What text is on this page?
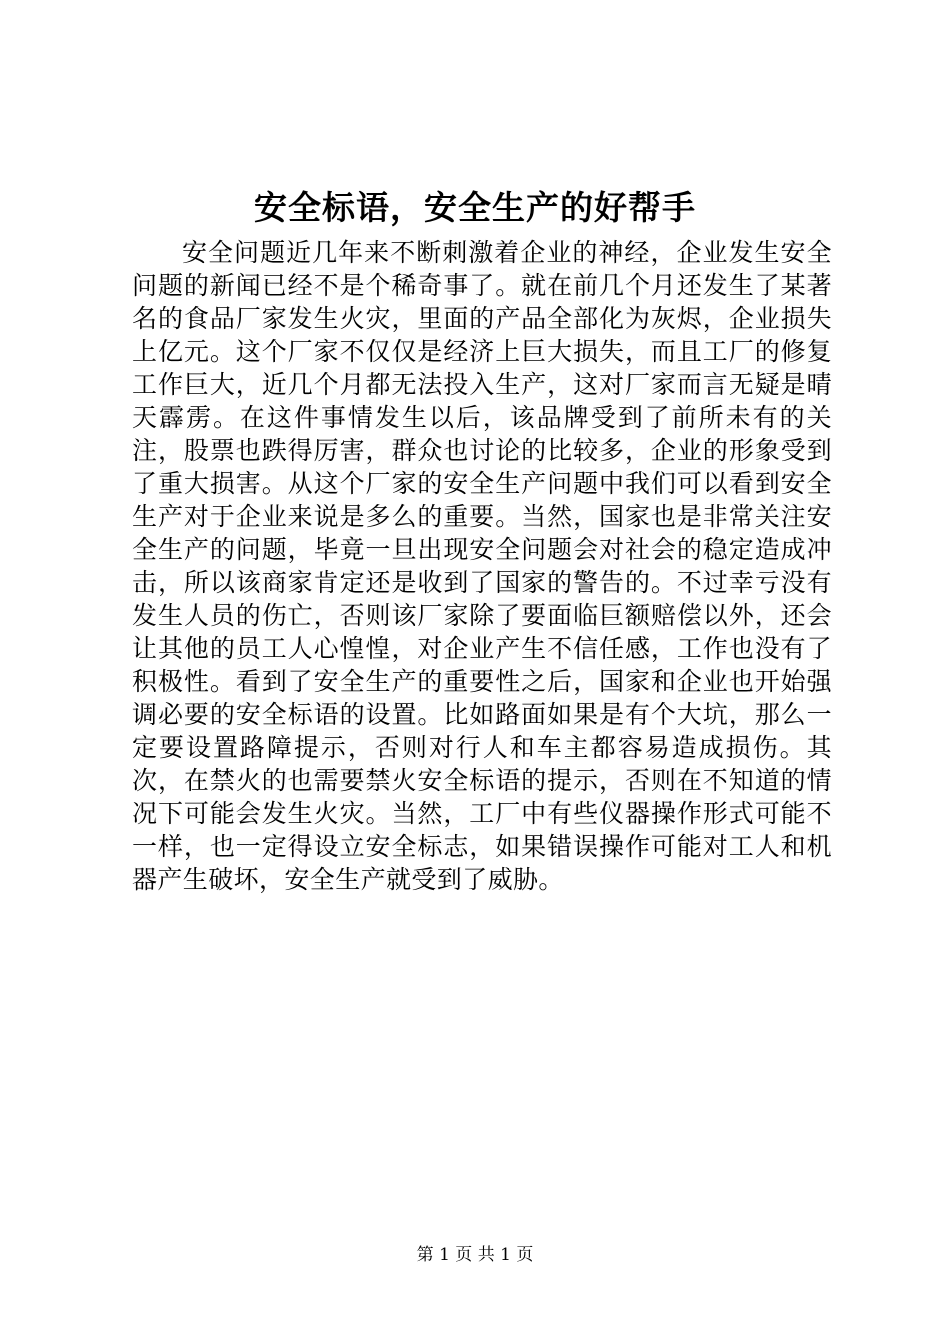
安全标语，安全生产的好帮手

安全问题近几年来不断刺激着企业的神经，企业发生安全问题的新闻已经不是个稀奇事了。就在前几个月还发生了某著名的食品厂家发生火灾，里面的产品全部化为灰烬，企业损失上亿元。这个厂家不仅仅是经济上巨大损失，而且工厂的修复工作巨大，近几个月都无法投入生产，这对厂家而言无疑是晴天霹雳。在这件事情发生以后，该品牌受到了前所未有的关注，股票也跌得厉害，群众也讨论的比较多，企业的形象受到了重大损害。从这个厂家的安全生产问题中我们可以看到安全生产对于企业来说是多么的重要。当然，国家也是非常关注安全生产的问题，毕竟一旦出现安全问题会对社会的稳定造成冲击，所以该商家肯定还是收到了国家的警告的。不过幸亏没有发生人员的伤亡，否则该厂家除了要面临巨额赔偿以外，还会让其他的员工人心惶惶，对企业产生不信任感，工作也没有了积极性。看到了安全生产的重要性之后，国家和企业也开始强调必要的安全标语的设置。比如路面如果是有个大坑，那么一定要设置路障提示，否则对行人和车主都容易造成损伤。其次，在禁火的也需要禁火安全标语的提示，否则在不知道的情况下可能会发生火灾。当然，工厂中有些仪器操作形式可能不一样，也一定得设立安全标志，如果错误操作可能对工人和机器产生破坏，安全生产就受到了威胁。

第 1 页 共 1 页
